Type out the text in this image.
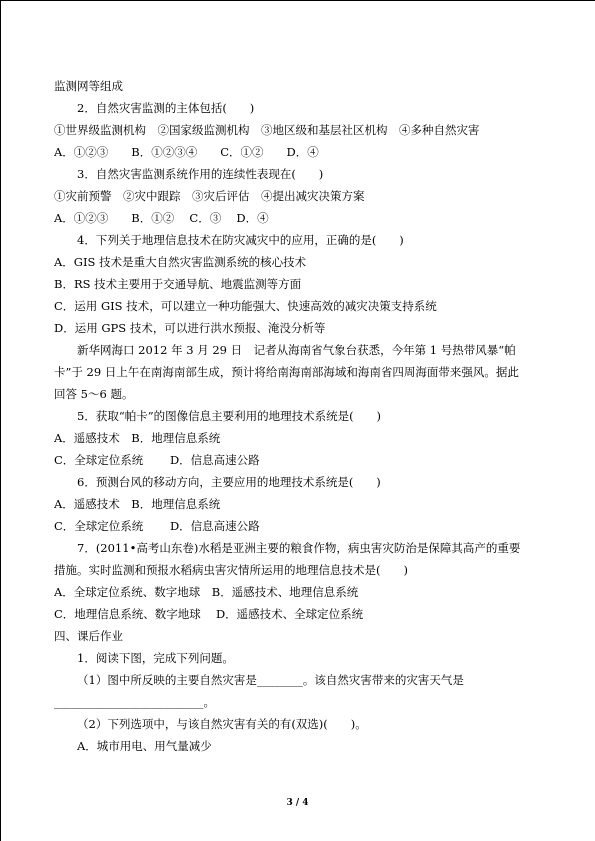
监测网等组成
2．自然灾害监测的主体包括(　　)
①世界级监测机构　②国家级监测机构　③地区级和基层社区机构　④多种自然灾害
A．①②③　　B．①②③④　　C．①②　　D．④
3．自然灾害监测系统作用的连续性表现在(　　)
①灾前预警　②灾中跟踪　③灾后评估　④提出减灾决策方案
A．①②③　　B．①②　 C．③　 D．④
4．下列关于地理信息技术在防灾减灾中的应用，正确的是(　　)
A．GIS 技术是重大自然灾害监测系统的核心技术
B．RS 技术主要用于交通导航、地震监测等方面
C．运用 GIS 技术，可以建立一种功能强大、快速高效的减灾决策支持系统
D．运用 GPS 技术，可以进行洪水预报、淹没分析等
新华网海口 2012 年 3 月 29 日　记者从海南省气象台获悉，今年第 1 号热带风暴“帕
卡”于 29 日上午在南海南部生成，预计将给南海南部海域和海南省四周海面带来强风。据此
回答 5～6 题。
5．获取“帕卡”的图像信息主要利用的地理技术系统是(　　)
A．遥感技术　B．地理信息系统
C．全球定位系统　　 D．信息高速公路
6．预测台风的移动方向，主要应用的地理技术系统是(　　)
A．遥感技术　B．地理信息系统
C．全球定位系统　　 D．信息高速公路
7．(2011•高考山东卷)水稻是亚洲主要的粮食作物，病虫害灾防治是保障其高产的重要
措施。实时监测和预报水稻病虫害灾情所运用的地理信息技术是(　　)
A．全球定位系统、数字地球　B．遥感技术、地理信息系统
C．地理信息系统、数字地球　 D．遥感技术、全球定位系统
四、课后作业
1．阅读下图，完成下列问题。
（1）图中所反映的主要自然灾害是________。该自然灾害带来的灾害天气是
__________________________。
（2）下列选项中，与该自然灾害有关的有(双选)(　　)。
A．城市用电、用气量减少
3 / 4
